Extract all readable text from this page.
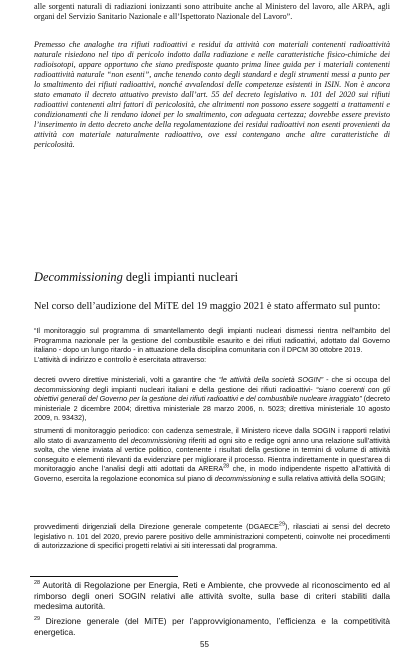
alle sorgenti naturali di radiazioni ionizzanti sono attribuite anche al Ministero del lavoro, alle ARPA, agli organi del Servizio Sanitario Nazionale e all’Ispettorato Nazionale del Lavoro”.

Premesso che analoghe tra rifiuti radioattivi e residui da attività con materiali contenenti radioattività naturale risiedono nel tipo di pericolo indotto dalla radiazione e nelle caratteristiche fisico-chimiche dei radioisotopi, appare opportuno che siano predisposte quanto prima linee guida per i materiali contenenti radioattività naturale “non esenti”, anche tenendo conto degli standard e degli strumenti messi a punto per lo smaltimento dei rifiuti radioattivi, nonché avvalendosi delle competenze esistenti in ISIN. Non è ancora stato emanato il decreto attuativo previsto dall’art. 55 del decreto legislativo n. 101 del 2020 sui rifiuti radioattivi contenenti altri fattori di pericolosità, che altrimenti non possono essere soggetti a trattamenti e condizionamenti che li rendano idonei per lo smaltimento, con adeguata certezza; dovrebbe essere previsto l’inserimento in detto decreto anche della regolamentazione dei residui radioattivi non esenti provenienti da attività con materiale naturalmente radioattivo, ove essi contengano anche altre caratteristiche di pericolosità.

Decommissioning degli impianti nucleari

Nel corso dell’audizione del MiTE del 19 maggio 2021 è stato affermato sul punto:

“Il monitoraggio sul programma di smantellamento degli impianti nucleari dismessi rientra nell’ambito del Programma nazionale per la gestione del combustibile esaurito e dei rifiuti radioattivi, adottato dal Governo italiano - dopo un lungo ritardo - in attuazione della disciplina comunitaria con il DPCM 30 ottobre 2019.
L’attività di indirizzo e controllo è esercitata attraverso:

decreti ovvero direttive ministeriali, volti a garantire che “le attività della società SOGIN” - che si occupa del decommissioning degli impianti nucleari italiani e della gestione dei rifiuti radioattivi- “siano coerenti con gli obiettivi generali del Governo per la gestione dei rifiuti radioattivi e del combustibile nucleare irraggiato” (decreto ministeriale 2 dicembre 2004; direttiva ministeriale 28 marzo 2006, n. 5023; direttiva ministeriale 10 agosto 2009, n. 93432),

strumenti di monitoraggio periodico: con cadenza semestrale, il Ministero riceve dalla SOGIN i rapporti relativi allo stato di avanzamento del decommissioning riferiti ad ogni sito e redige ogni anno una relazione sull’attività svolta, che viene inviata al vertice politico, contenente i risultati della gestione in termini di volume di attività conseguito e elementi rilevanti da evidenziare per migliorare il processo. Rientra indirettamente in quest’area di monitoraggio anche l’analisi degli atti adottati da ARERA$^{28}$ che, in modo indipendente rispetto all’attività di Governo, esercita la regolazione economica sul piano di decommissioning e sulla relativa attività della SOGIN;

provvedimenti dirigenziali della Direzione generale competente (DGAECE$^{29}$), rilasciati ai sensi del decreto legislativo n. 101 del 2020, previo parere positivo delle amministrazioni competenti, coinvolte nei procedimenti di autorizzazione di specifici progetti relativi ai siti interessati dal programma.

$^{28}$ Autorità di Regolazione per Energia, Reti e Ambiente, che provvede al riconoscimento ed al rimborso degli oneri SOGIN relativi alle attività svolte, sulla base di criteri stabiliti dalla medesima autorità.

$^{29}$ Direzione generale (del MiTE) per l’approvvigionamento, l’efficienza e la competitività energetica.

55
